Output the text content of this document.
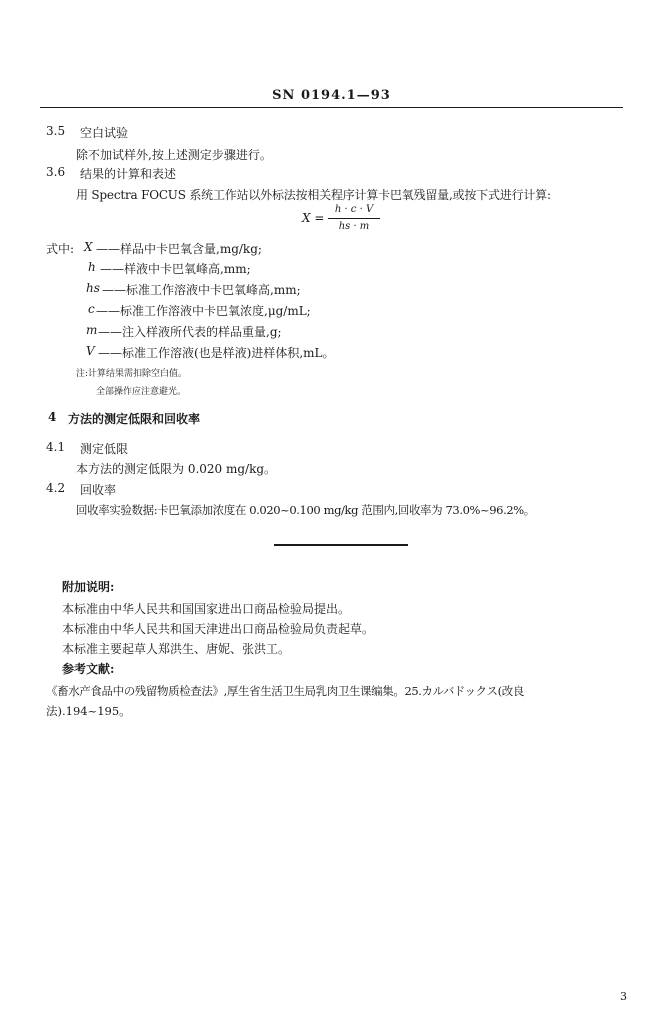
SN 0194.1—93
3.5 空白试验
除不加试样外,按上述测定步骤进行。
3.6 结果的计算和表述
用 Spectra FOCUS 系统工作站以外标法按相关程序计算卡巴氧残留量,或按下式进行计算:
X =
h · c · V
hs · m
式中: X ——样品中卡巴氧含量,mg/kg;
h ——样液中卡巴氧峰高,mm;
hs ——标准工作溶液中卡巴氧峰高,mm;
c ——标准工作溶液中卡巴氧浓度,μg/mL;
m ——注入样液所代表的样品重量,g;
V ——标准工作溶液(也是样液)进样体积,mL。
注:计算结果需扣除空白值。
全部操作应注意避光。
4 方法的测定低限和回收率
4.1 测定低限
本方法的测定低限为 0.020 mg/kg。
4.2 回收率
回收率实验数据:卡巴氧添加浓度在 0.020~0.100 mg/kg 范围内,回收率为 73.0%~96.2%。
附加说明:
本标准由中华人民共和国国家进出口商品检验局提出。
本标准由中华人民共和国天津进出口商品检验局负责起草。
本标准主要起草人郑洪生、唐妮、张洪工。
参考文献:
《畜水产食品中の残留物质检查法》,厚生省生活卫生局乳肉卫生课编集。25.カルバドックス(改良
法).194~195。
3
